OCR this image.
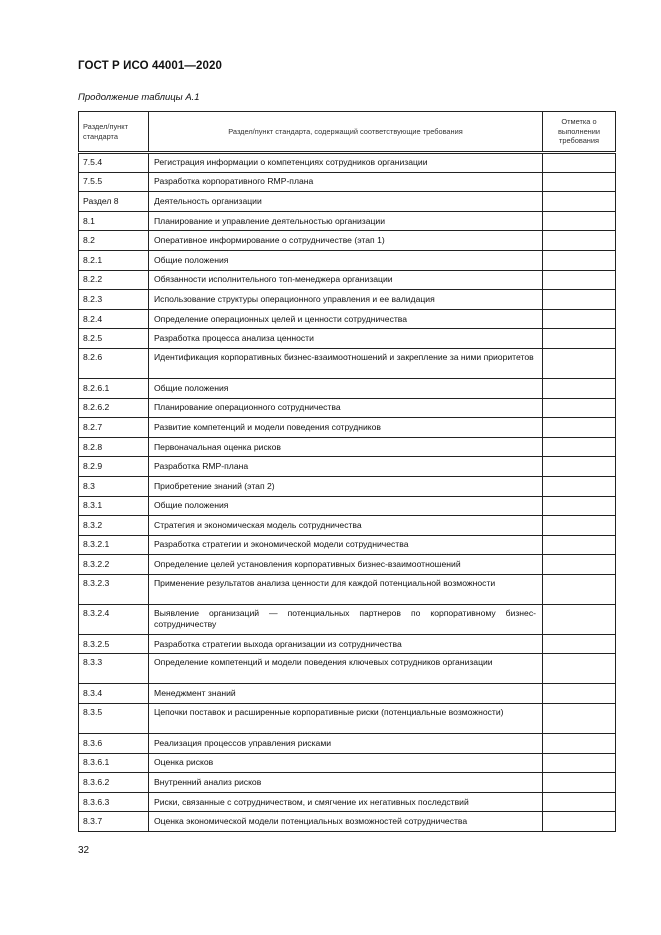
ГОСТ Р ИСО 44001—2020
Продолжение таблицы А.1
Раздел/пункт стандарта	Раздел/пункт стандарта, содержащий соответствующие требования	Отметка о выполнении требования
7.5.4	Регистрация информации о компетенциях сотрудников организации	
7.5.5	Разработка корпоративного RMP-плана	
Раздел 8	Деятельность организации	
8.1	Планирование и управление деятельностью организации	
8.2	Оперативное информирование о сотрудничестве (этап 1)	
8.2.1	Общие положения	
8.2.2	Обязанности исполнительного топ-менеджера организации	
8.2.3	Использование структуры операционного управления и ее валидация	
8.2.4	Определение операционных целей и ценности сотрудничества	
8.2.5	Разработка процесса анализа ценности	
8.2.6	Идентификация корпоративных бизнес-взаимоотношений и закрепление за ними приоритетов	
8.2.6.1	Общие положения	
8.2.6.2	Планирование операционного сотрудничества	
8.2.7	Развитие компетенций и модели поведения сотрудников	
8.2.8	Первоначальная оценка рисков	
8.2.9	Разработка RMP-плана	
8.3	Приобретение знаний (этап 2)	
8.3.1	Общие положения	
8.3.2	Стратегия и экономическая модель сотрудничества	
8.3.2.1	Разработка стратегии и экономической модели сотрудничества	
8.3.2.2	Определение целей установления корпоративных бизнес-взаимоотношений	
8.3.2.3	Применение результатов анализа ценности для каждой потенциальной возможности	
8.3.2.4	Выявление организаций — потенциальных партнеров по корпоративному бизнес-сотрудничеству	
8.3.2.5	Разработка стратегии выхода организации из сотрудничества	
8.3.3	Определение компетенций и модели поведения ключевых сотрудников организации	
8.3.4	Менеджмент знаний	
8.3.5	Цепочки поставок и расширенные корпоративные риски (потенциальные возможности)	
8.3.6	Реализация процессов управления рисками	
8.3.6.1	Оценка рисков	
8.3.6.2	Внутренний анализ рисков	
8.3.6.3	Риски, связанные с сотрудничеством, и смягчение их негативных последствий	
8.3.7	Оценка экономической модели потенциальных возможностей сотрудничества	
32
